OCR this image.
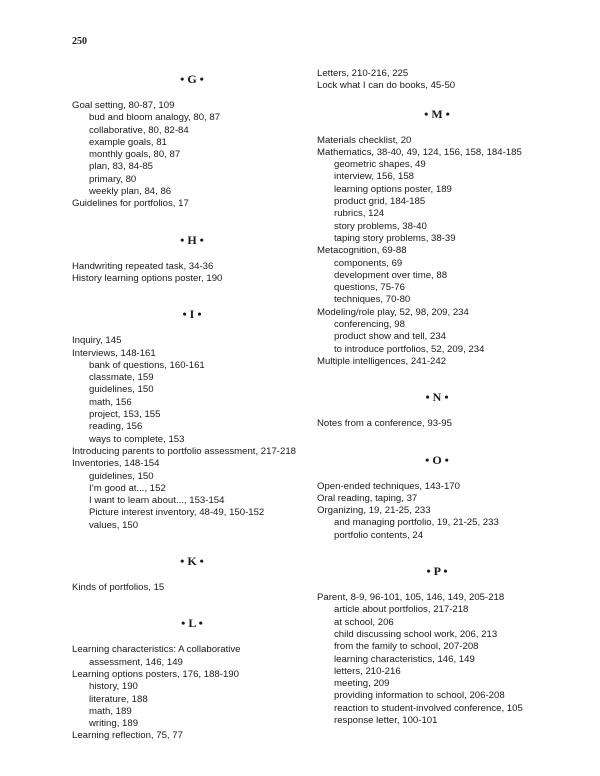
250
• G •
Goal setting, 80-87, 109
bud and bloom analogy, 80, 87
collaborative, 80, 82-84
example goals, 81
monthly goals, 80, 87
plan, 83, 84-85
primary, 80
weekly plan, 84, 86
Guidelines for portfolios, 17
• H •
Handwriting repeated task, 34-36
History learning options poster, 190
• I •
Inquiry, 145
Interviews, 148-161
bank of questions, 160-161
classmate, 159
guidelines, 150
math, 156
project, 153, 155
reading, 156
ways to complete, 153
Introducing parents to portfolio assessment, 217-218
Inventories, 148-154
guidelines, 150
I’m good at..., 152
I want to learn about..., 153-154
Picture interest inventory, 48-49, 150-152
values, 150
• K •
Kinds of portfolios, 15
• L •
Learning characteristics: A collaborative
assessment, 146, 149
Learning options posters, 176, 188-190
history, 190
literature, 188
math, 189
writing, 189
Learning reflection, 75, 77
Letters, 210-216, 225
Lock what I can do books, 45-50
• M •
Materials checklist, 20
Mathematics, 38-40, 49, 124, 156, 158, 184-185
geometric shapes, 49
interview, 156, 158
learning options poster, 189
product grid, 184-185
rubrics, 124
story problems, 38-40
taping story problems, 38-39
Metacognition, 69-88
components, 69
development over time, 88
questions, 75-76
techniques, 70-80
Modeling/role play, 52, 98, 209, 234
conferencing, 98
product show and tell, 234
to introduce portfolios, 52, 209, 234
Multiple intelligences, 241-242
• N •
Notes from a conference, 93-95
• O •
Open-ended techniques, 143-170
Oral reading, taping, 37
Organizing, 19, 21-25, 233
and managing portfolio, 19, 21-25, 233
portfolio contents, 24
• P •
Parent, 8-9, 96-101, 105, 146, 149, 205-218
article about portfolios, 217-218
at school, 206
child discussing school work, 206, 213
from the family to school, 207-208
learning characteristics, 146, 149
letters, 210-216
meeting, 209
providing information to school, 206-208
reaction to student-involved conference, 105
response letter, 100-101
